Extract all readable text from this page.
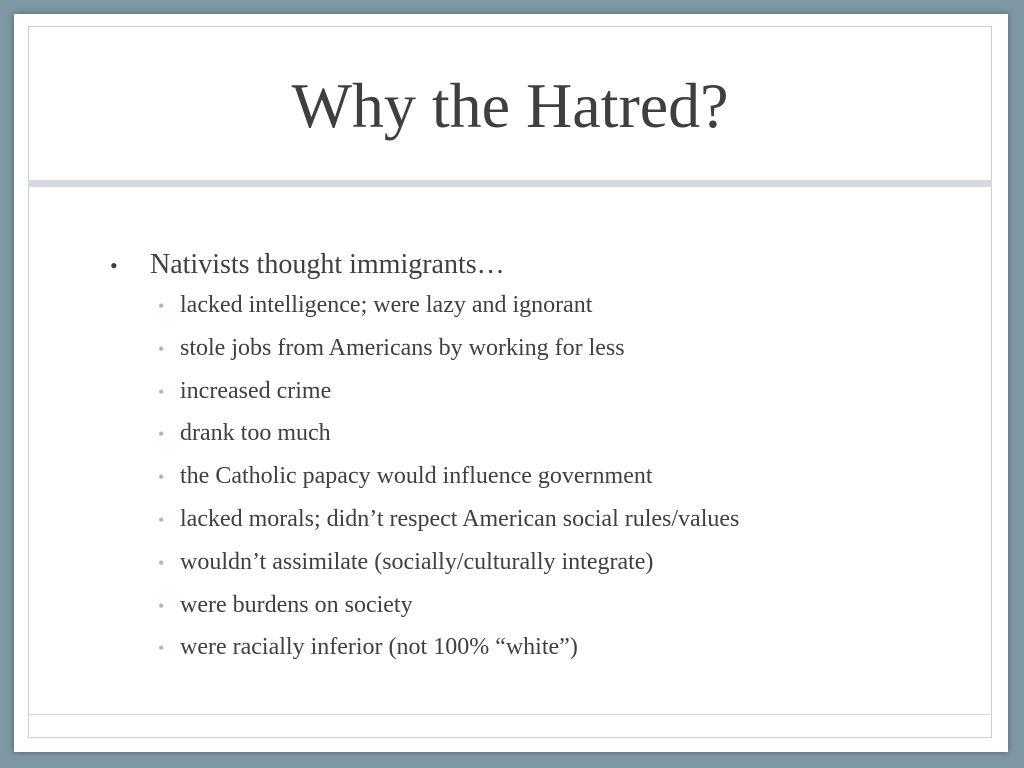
Why the Hatred?
•	Nativists thought immigrants…
• lacked intelligence; were lazy and ignorant
• stole jobs from Americans by working for less
• increased crime
• drank too much
• the Catholic papacy would influence government
• lacked morals; didn’t respect American social rules/values
• wouldn’t assimilate (socially/culturally integrate)
• were burdens on society
• were racially inferior (not 100% “white”)
